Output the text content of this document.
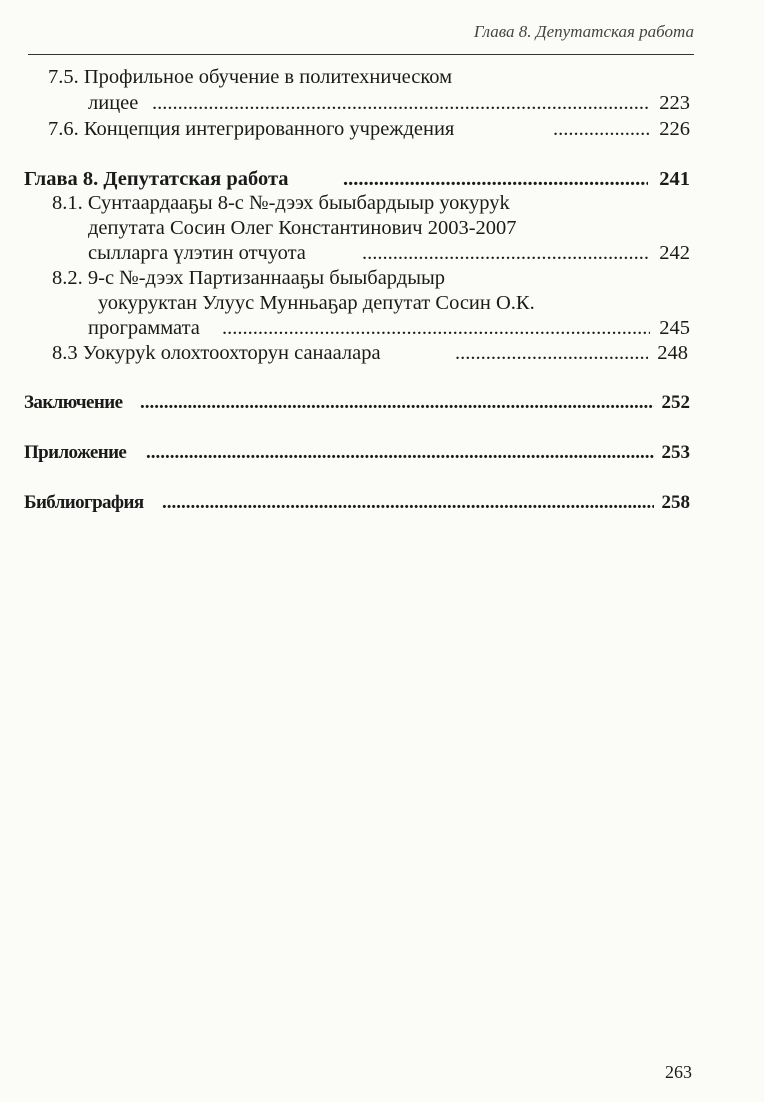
Глава 8. Депутатская работа
7.5. Профильное обучение в политехническом
лицее .....	223
7.6. Концепция интегрированного учреждения .....	226
Глава 8. Депутатская работа .....	241
8.1. Сунтаардааҕы 8-с №-дээх быыбардыыр уокуруk
депутата Сосин Олег Константинович 2003-2007
сылларга үлэтин отчуота .....	242
8.2. 9-с №-дээх Партизаннааҕы быыбардыыр
уокуруктан Улуус Мунньаҕар депутат Сосин О.К.
программата .....	245
8.3 Уокуруk олохтоохторун санаалара .....	248
Заключение .....	252
Приложение .....	253
Библиография .....	258
263
